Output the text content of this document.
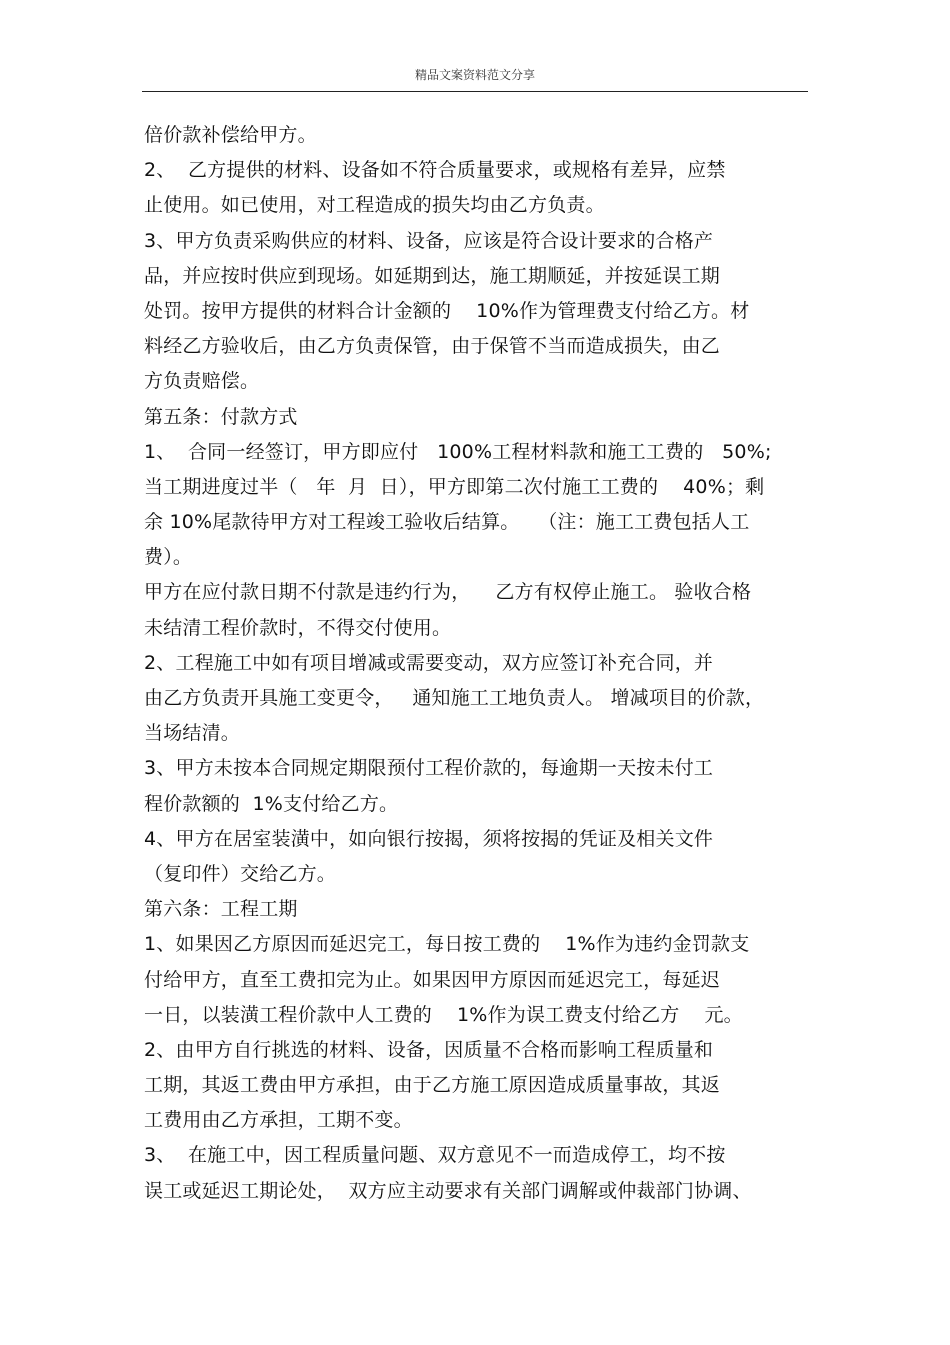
精品文案资料范文分享
倍价款补偿给甲方。
2、  乙方提供的材料、设备如不符合质量要求，或规格有差异，应禁
止使用。如已使用，对工程造成的损失均由乙方负责。
3、甲方负责采购供应的材料、设备，应该是符合设计要求的合格产
品，并应按时供应到现场。如延期到达，施工期顺延，并按延误工期
处罚。按甲方提供的材料合计金额的    10%作为管理费支付给乙方。材
料经乙方验收后，由乙方负责保管，由于保管不当而造成损失，由乙
方负责赔偿。
第五条：付款方式
1、  合同一经签订，甲方即应付   100%工程材料款和施工工费的   50%;
当工期进度过半（   年  月  日），甲方即第二次付施工工费的    40%；剩
余 10%尾款待甲方对工程竣工验收后结算。   （注：施工工费包括人工
费）。
甲方在应付款日期不付款是违约行为，    乙方有权停止施工。 验收合格
未结清工程价款时，不得交付使用。
2、工程施工中如有项目增减或需要变动，双方应签订补充合同，并
由乙方负责开具施工变更令，   通知施工工地负责人。 增减项目的价款，
当场结清。
3、甲方未按本合同规定期限预付工程价款的，每逾期一天按未付工
程价款额的  1%支付给乙方。
4、甲方在居室装潢中，如向银行按揭，须将按揭的凭证及相关文件
（复印件）交给乙方。
第六条：工程工期
1、如果因乙方原因而延迟完工，每日按工费的    1%作为违约金罚款支
付给甲方，直至工费扣完为止。如果因甲方原因而延迟完工，每延迟
一日，以装潢工程价款中人工费的    1%作为误工费支付给乙方    元。
2、由甲方自行挑选的材料、设备，因质量不合格而影响工程质量和
工期，其返工费由甲方承担，由于乙方施工原因造成质量事故，其返
工费用由乙方承担，工期不变。
3、  在施工中，因工程质量问题、双方意见不一而造成停工，均不按
误工或延迟工期论处，  双方应主动要求有关部门调解或仲裁部门协调、
